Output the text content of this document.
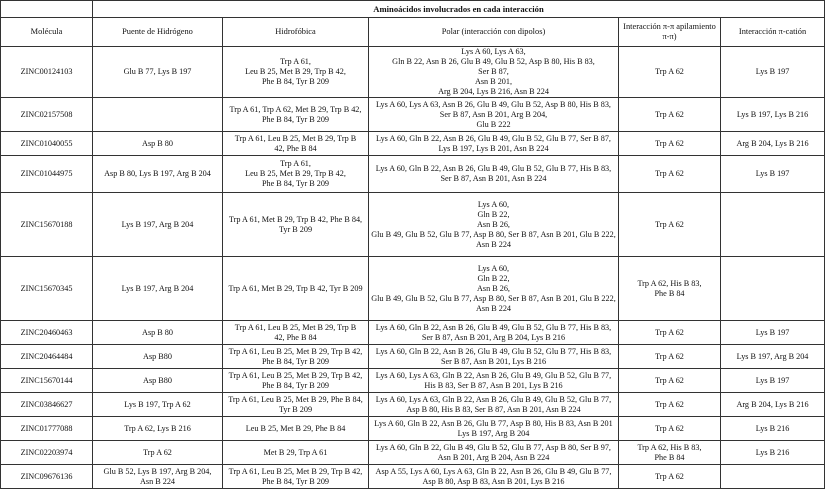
	Aminoácidos involucrados en cada interacción				
Molécula	Puente de Hidrógeno	Hidrofóbica	Polar (interacción con dipolos)	Interacción π-π apilamiento π-π)	Interacción π-catión
ZINC00124103	Glu B 77, Lys B 197	Trp A 61,
Leu B 25, Met B 29, Trp B 42,
Phe B 84, Tyr B 209	Lys A 60, Lys A 63,
Gln B 22, Asn B 26, Glu B 49, Glu B 52, Asp B 80, His B 83,
Ser B 87,
Asn B 201,
Arg B 204, Lys B 216, Asn B 224	Trp A 62	Lys B 197

ZINC02157508		Trp A 61, Trp A 62, Met B 29, Trp B 42,
Phe B 84, Tyr B 209	Lys A 60, Lys A 63, Asn B 26, Glu B 49, Glu B 52, Asp B 80, His B 83,
Ser B 87, Asn B 201, Arg B 204,
Glu B 222	Trp A 62	Lys B 197, Lys B 216

ZINC01040055	Asp B 80	Trp A 61, Leu B 25, Met B 29, Trp B
42, Phe B 84	Lys A 60, Gln B 22, Asn B 26, Glu B 49, Glu B 52, Glu B 77, Ser B 87,
Lys B 197, Lys B 201, Asn B 224	Trp A 62	Arg B 204, Lys B 216

ZINC01044975	Asp B 80, Lys B 197, Arg B 204	Trp A 61,
Leu B 25, Met B 29, Trp B 42,
Phe B 84, Tyr B 209	Lys A 60, Gln B 22, Asn B 26, Glu B 49, Glu B 52, Glu B 77, His B 83,
Ser B 87, Asn B 201, Asn B 224	Trp A 62	Lys B 197

ZINC15670188	Lys B 197, Arg B 204	Trp A 61, Met B 29, Trp B 42, Phe B 84,
Tyr B 209	Lys A 60,
Gln B 22,
Asn B 26,
Glu B 49, Glu B 52, Glu B 77, Asp B 80, Ser B 87, Asn B 201, Glu B 222,
Asn B 224	Trp A 62	

ZINC15670345	Lys B 197, Arg B 204	Trp A 61, Met B 29, Trp B 42, Tyr B 209	Lys A 60,
Gln B 22,
Asn B 26,
Glu B 49, Glu B 52, Glu B 77, Asp B 80, Ser B 87, Asn B 201, Glu B 222,
Asn B 224	Trp A 62, His B 83,
Phe B 84	

ZINC20460463	Asp B 80	Trp A 61, Leu B 25, Met B 29, Trp B
42, Phe B 84	Lys A 60, Gln B 22, Asn B 26, Glu B 49, Glu B 52, Glu B 77, His B 83,
Ser B 87, Asn B 201, Arg B 204, Lys B 216	Trp A 62	Lys B 197

ZINC20464484	Asp B80	Trp A 61, Leu B 25, Met B 29, Trp B 42,
Phe B 84, Tyr B 209	Lys A 60, Gln B 22, Asn B 26, Glu B 49, Glu B 52, Glu B 77, His B 83,
Ser B 87, Asn B 201, Lys B 216	Trp A 62	Lys B 197, Arg B 204

ZINC15670144	Asp B80	Trp A 61, Leu B 25, Met B 29, Trp B 42,
Phe B 84, Tyr B 209	Lys A 60, Lys A 63, Gln B 22, Asn B 26, Glu B 49, Glu B 52, Glu B 77,
His B 83, Ser B 87, Asn B 201, Lys B 216	Trp A 62	Lys B 197

ZINC03846627	Lys B 197, Trp A 62	Trp A 61, Leu B 25, Met B 29, Phe B 84,
Tyr B 209	Lys A 60, Lys A 63, Gln B 22, Asn B 26, Glu B 49, Glu B 52, Glu B 77,
Asp B 80, His B 83, Ser B 87, Asn B 201, Asn B 224	Trp A 62	Arg B 204, Lys B 216

ZINC01777088	Trp A 62, Lys B 216	Leu B 25, Met B 29, Phe B 84	Lys A 60, Gln B 22, Asn B 26, Glu B 77, Asp B 80, His B 83, Asn B 201
Lys B 197, Arg B 204	Trp A 62	Lys B 216

ZINC02203974	Trp A 62	Met B 29, Trp A 61	Lys A 60, Gln B 22, Glu B 49, Glu B 52, Glu B 77, Asp B 80, Ser B 97,
Asn B 201, Arg B 204, Asn B 224	Trp A 62, His B 83,
Phe B 84	Lys B 216

ZINC09676136	Glu B 52, Lys B 197, Arg B 204,
Asn B 224	Trp A 61, Leu B 25, Met B 29, Trp B 42,
Phe B 84, Tyr B 209	Asp A 55, Lys A 60, Lys A 63, Gln B 22, Asn B 26, Glu B 49, Glu B 77,
Asp B 80, Asp B 83, Asn B 201, Lys B 216	Trp A 62	
